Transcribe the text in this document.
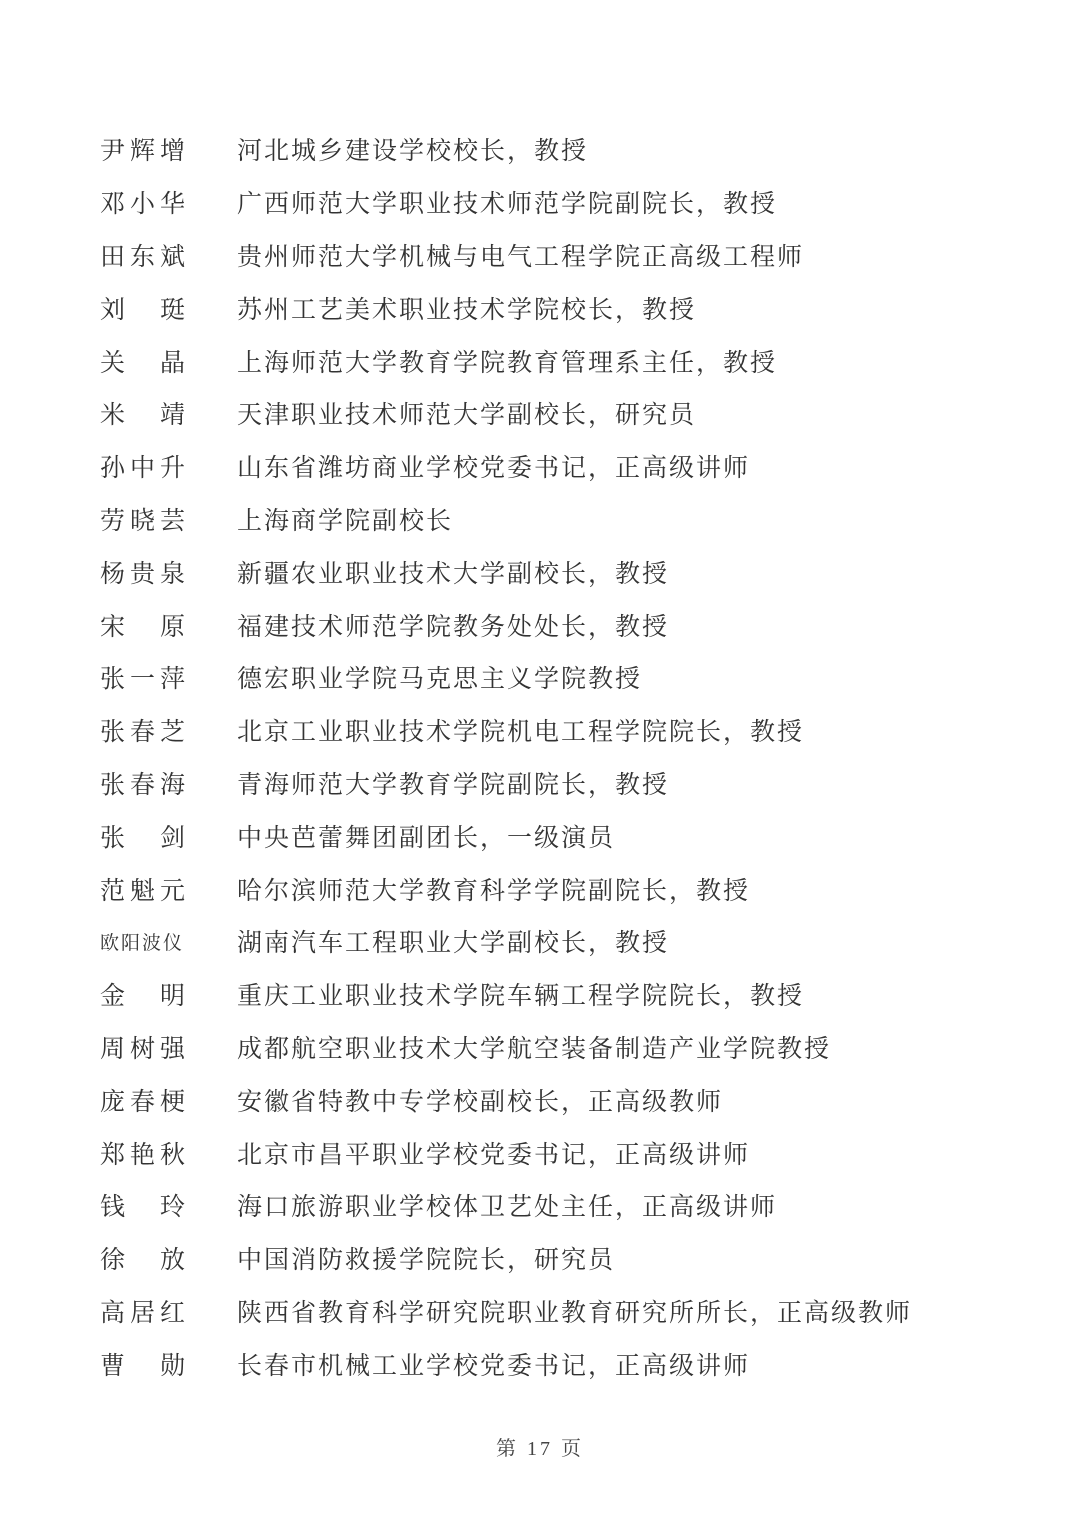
尹辉增	河北城乡建设学校校长，教授
邓小华	广西师范大学职业技术师范学院副院长，教授
田东斌	贵州师范大学机械与电气工程学院正高级工程师
刘　珽	苏州工艺美术职业技术学院校长，教授
关　晶	上海师范大学教育学院教育管理系主任，教授
米　靖	天津职业技术师范大学副校长，研究员
孙中升	山东省潍坊商业学校党委书记，正高级讲师
劳晓芸	上海商学院副校长
杨贵泉	新疆农业职业技术大学副校长，教授
宋　原	福建技术师范学院教务处处长，教授
张一萍	德宏职业学院马克思主义学院教授
张春芝	北京工业职业技术学院机电工程学院院长，教授
张春海	青海师范大学教育学院副院长，教授
张　剑	中央芭蕾舞团副团长，一级演员
范魁元	哈尔滨师范大学教育科学学院副院长，教授
欧阳波仪	湖南汽车工程职业大学副校长，教授
金　明	重庆工业职业技术学院车辆工程学院院长，教授
周树强	成都航空职业技术大学航空装备制造产业学院教授
庞春梗	安徽省特教中专学校副校长，正高级教师
郑艳秋	北京市昌平职业学校党委书记，正高级讲师
钱　玲	海口旅游职业学校体卫艺处主任，正高级讲师
徐　放	中国消防救援学院院长，研究员
高居红	陕西省教育科学研究院职业教育研究所所长，正高级教师
曹　勋	长春市机械工业学校党委书记，正高级讲师
第 17 页
